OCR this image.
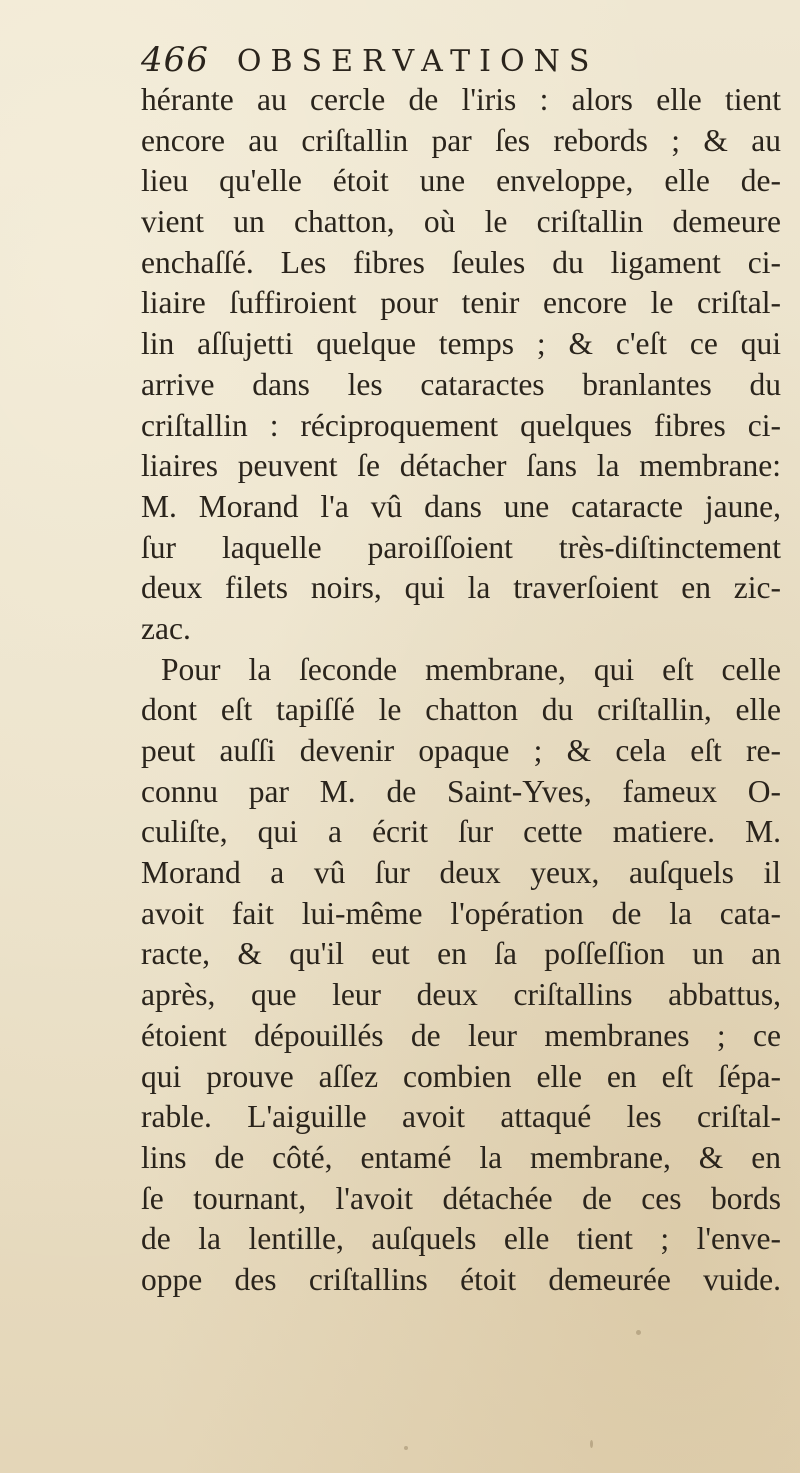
466 OBSERVATIONS
hérante au cercle de l'iris : alors elle tient
encore au criſtallin par ſes rebords ; & au
lieu qu'elle étoit une enveloppe, elle de-
vient un chatton, où le criſtallin demeure
enchaſſé. Les fibres ſeules du ligament ci-
liaire ſuffiroient pour tenir encore le criſtal-
lin aſſujetti quelque temps ; & c'eſt ce qui
arrive dans les cataractes branlantes du
criſtallin : réciproquement quelques fibres ci-
liaires peuvent ſe détacher ſans la membrane:
M. Morand l'a vû dans une cataracte jaune,
ſur laquelle paroiſſoient très-diſtinctement
deux filets noirs, qui la traverſoient en zic-
zac.
Pour la ſeconde membrane, qui eſt celle
dont eſt tapiſſé le chatton du criſtallin, elle
peut auſſi devenir opaque ; & cela eſt re-
connu par M. de Saint-Yves, fameux O-
culiſte, qui a écrit ſur cette matiere. M.
Morand a vû ſur deux yeux, auſquels il
avoit fait lui-même l'opération de la cata-
racte, & qu'il eut en ſa poſſeſſion un an
après, que leur deux criſtallins abbattus,
étoient dépouillés de leur membranes ; ce
qui prouve aſſez combien elle en eſt ſépa-
rable. L'aiguille avoit attaqué les criſtal-
lins de côté, entamé la membrane, & en
ſe tournant, l'avoit détachée de ces bords
de la lentille, auſquels elle tient ; l'enve-
oppe des criſtallins étoit demeurée vuide.
